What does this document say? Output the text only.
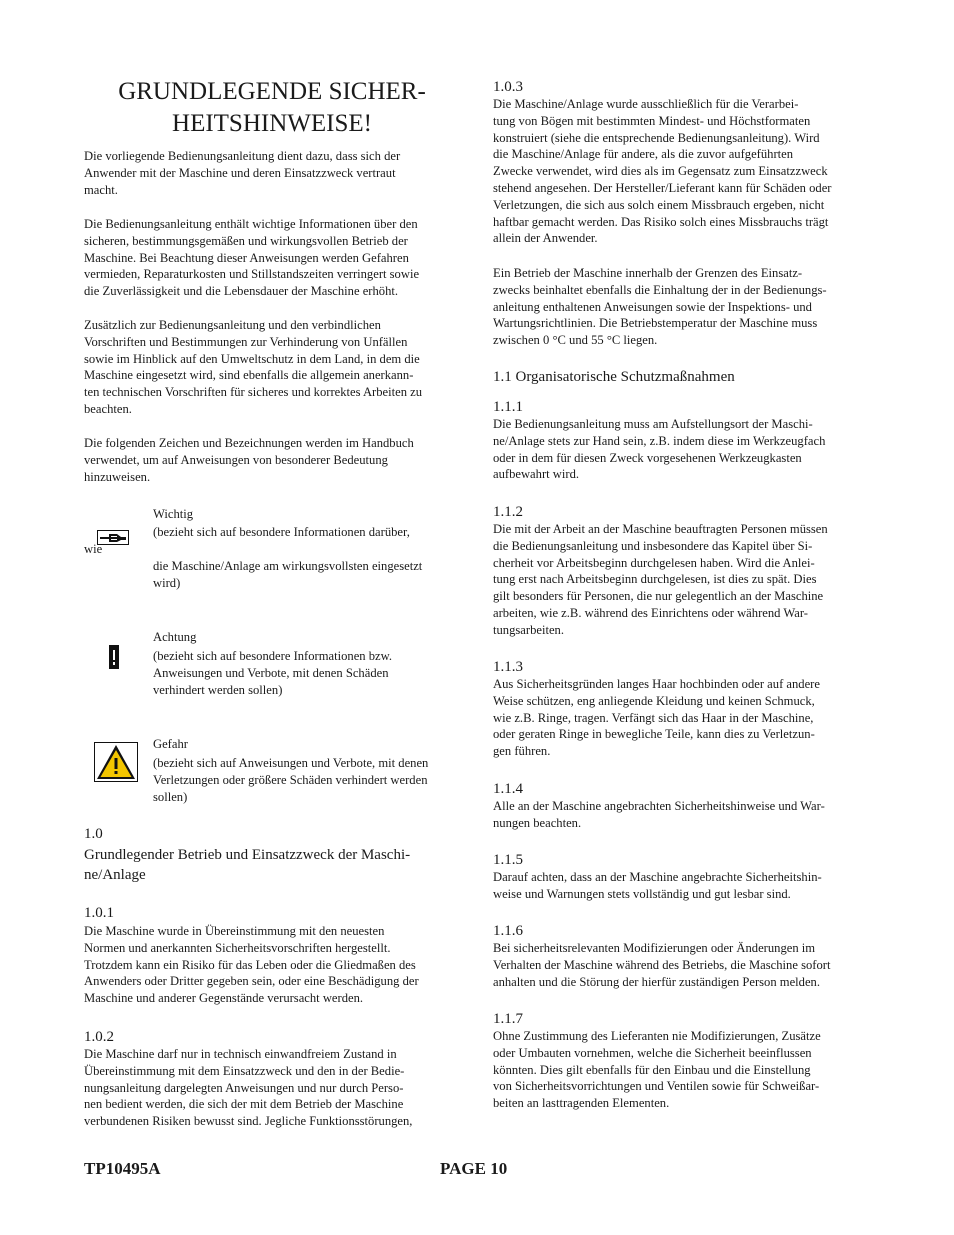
GRUNDLEGENDE SICHER-
HEITSHINWEISE!

Die vorliegende Bedienungsanleitung dient dazu, dass sich der
Anwender mit der Maschine und deren Einsatzzweck vertraut
macht.

Die Bedienungsanleitung enthält wichtige Informationen über den
sicheren, bestimmungsgemäßen und wirkungsvollen Betrieb der
Maschine. Bei Beachtung dieser Anweisungen werden Gefahren
vermieden, Reparaturkosten und Stillstandszeiten verringert sowie
die Zuverlässigkeit und die Lebensdauer der Maschine erhöht.

Zusätzlich zur Bedienungsanleitung und den verbindlichen
Vorschriften und Bestimmungen zur Verhinderung von Unfällen
sowie im Hinblick auf den Umweltschutz in dem Land, in dem die
Maschine eingesetzt wird, sind ebenfalls die allgemein anerkann-
ten technischen Vorschriften für sicheres und korrektes Arbeiten zu
beachten.

Die folgenden Zeichen und Bezeichnungen werden im Handbuch
verwendet, um auf Anweisungen von besonderer Bedeutung
hinzuweisen.

Wichtig

(bezieht sich auf besondere Informationen darüber,

wie

die Maschine/Anlage am wirkungsvollsten eingesetzt
wird)

Achtung

(bezieht sich auf besondere Informationen bzw.
Anweisungen und Verbote, mit denen Schäden
verhindert werden sollen)

Gefahr

(bezieht sich auf Anweisungen und Verbote, mit denen
Verletzungen oder größere Schäden verhindert werden
sollen)

1.0

Grundlegender Betrieb und Einsatzzweck der Maschi-
ne/Anlage

1.0.1

Die Maschine wurde in Übereinstimmung mit den neuesten
Normen und anerkannten Sicherheitsvorschriften hergestellt.
Trotzdem kann ein Risiko für das Leben oder die Gliedmaßen des
Anwenders oder Dritter gegeben sein, oder eine Beschädigung der
Maschine und anderer Gegenstände verursacht werden.

1.0.2

Die Maschine darf nur in technisch einwandfreiem Zustand in
Übereinstimmung mit dem Einsatzzweck und den in der Bedie-
nungsanleitung dargelegten Anweisungen und nur durch Perso-
nen bedient werden, die sich der mit dem Betrieb der Maschine
verbundenen Risiken bewusst sind. Jegliche Funktionsstörungen,

1.0.3

Die Maschine/Anlage wurde ausschließlich für die Verarbei-
tung von Bögen mit bestimmten Mindest- und Höchstformaten
konstruiert (siehe die entsprechende Bedienungsanleitung). Wird
die Maschine/Anlage für andere, als die zuvor aufgeführten
Zwecke verwendet, wird dies als im Gegensatz zum Einsatzzweck
stehend angesehen. Der Hersteller/Lieferant kann für Schäden oder
Verletzungen, die sich aus solch einem Missbrauch ergeben, nicht
haftbar gemacht werden. Das Risiko solch eines Missbrauchs trägt
allein der Anwender.

Ein Betrieb der Maschine innerhalb der Grenzen des Einsatz-
zwecks beinhaltet ebenfalls die Einhaltung der in der Bedienungs-
anleitung enthaltenen Anweisungen sowie der Inspektions- und
Wartungsrichtlinien. Die Betriebstemperatur der Maschine muss
zwischen 0 °C und 55 °C liegen.

1.1 Organisatorische Schutzmaßnahmen

1.1.1

Die Bedienungsanleitung muss am Aufstellungsort der Maschi-
ne/Anlage stets zur Hand sein, z.B. indem diese im Werkzeugfach
oder in dem für diesen Zweck vorgesehenen Werkzeugkasten
aufbewahrt wird.

1.1.2

Die mit der Arbeit an der Maschine beauftragten Personen müssen
die Bedienungsanleitung und insbesondere das Kapitel über Si-
cherheit vor Arbeitsbeginn durchgelesen haben. Wird die Anlei-
tung erst nach Arbeitsbeginn durchgelesen, ist dies zu spät. Dies
gilt besonders für Personen, die nur gelegentlich an der Maschine
arbeiten, wie z.B. während des Einrichtens oder während War-
tungsarbeiten.

1.1.3

Aus Sicherheitsgründen langes Haar hochbinden oder auf andere
Weise schützen, eng anliegende Kleidung und keinen Schmuck,
wie z.B. Ringe, tragen. Verfängt sich das Haar in der Maschine,
oder geraten Ringe in bewegliche Teile, kann dies zu Verletzun-
gen führen.

1.1.4

Alle an der Maschine angebrachten Sicherheitshinweise und War-
nungen beachten.

1.1.5

Darauf achten, dass an der Maschine angebrachte Sicherheitshin-
weise und Warnungen stets vollständig und gut lesbar sind.

1.1.6

Bei sicherheitsrelevanten Modifizierungen oder Änderungen im
Verhalten der Maschine während des Betriebs, die Maschine sofort
anhalten und die Störung der hierfür zuständigen Person melden.

1.1.7

Ohne Zustimmung des Lieferanten nie Modifizierungen, Zusätze
oder Umbauten vornehmen, welche die Sicherheit beeinflussen
könnten. Dies gilt ebenfalls für den Einbau und die Einstellung
von Sicherheitsvorrichtungen und Ventilen sowie für Schweißar-
beiten an lasttragenden Elementen.

TP10495A	PAGE 10
